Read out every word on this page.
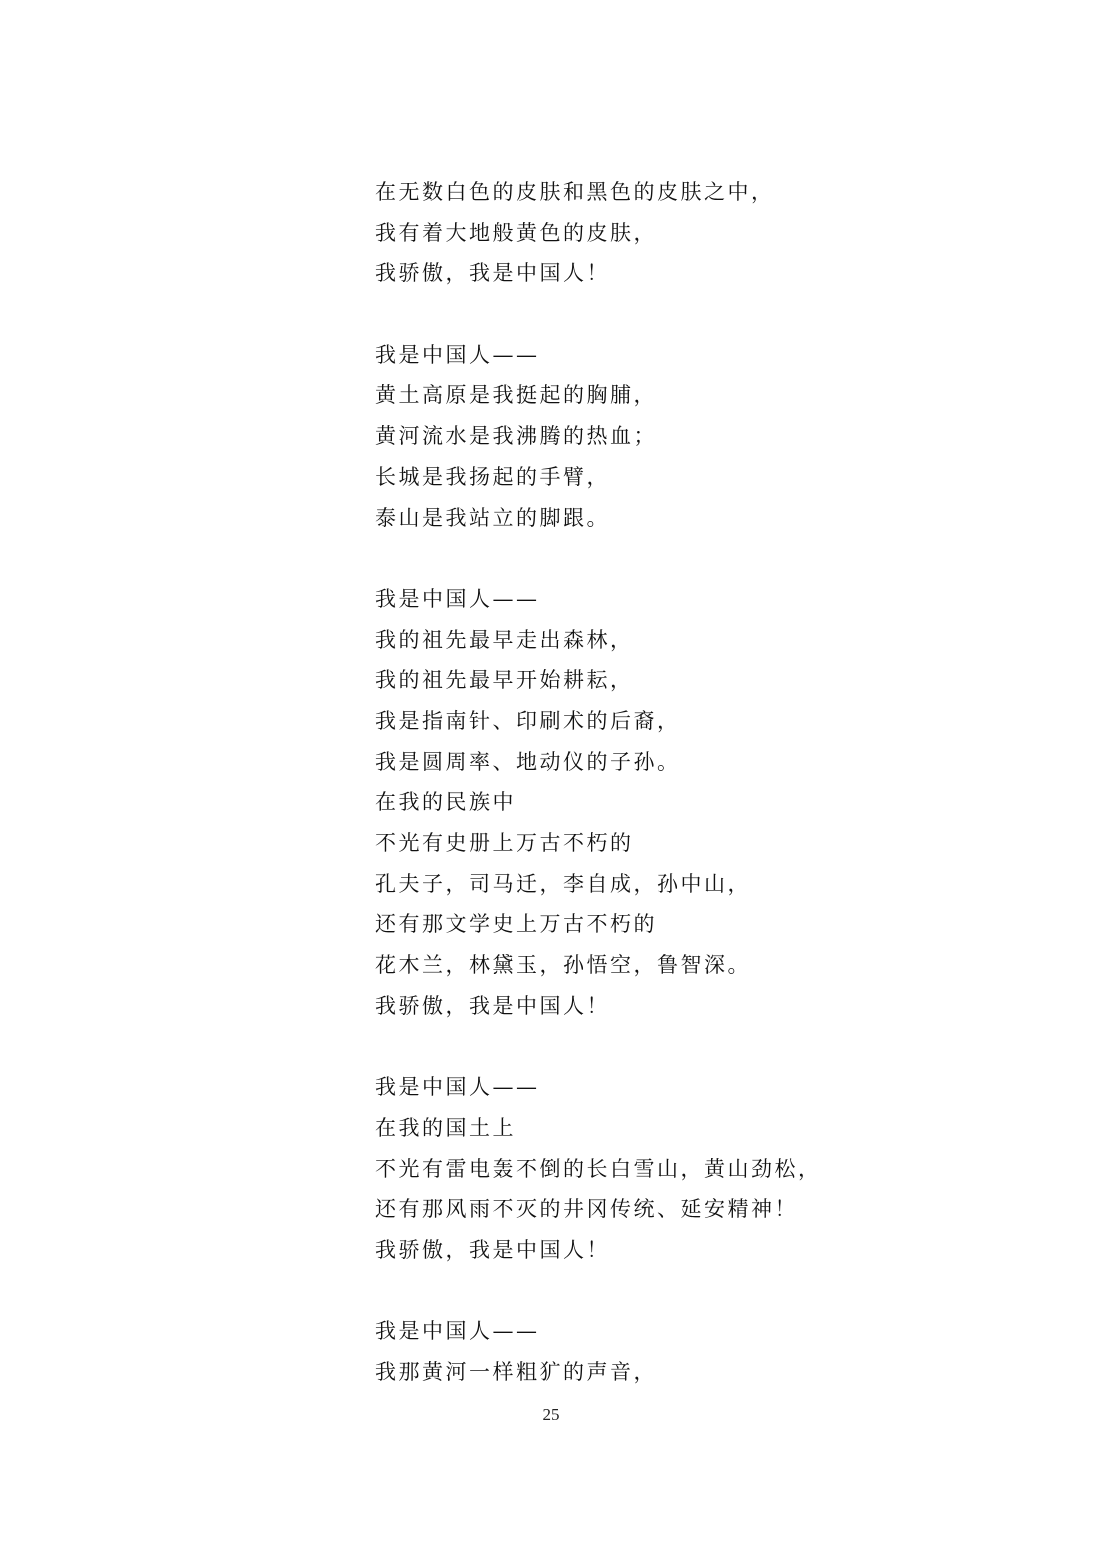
在无数白色的皮肤和黑色的皮肤之中，
我有着大地般黄色的皮肤，
我骄傲，我是中国人！
我是中国人——
黄土高原是我挺起的胸脯，
黄河流水是我沸腾的热血；
长城是我扬起的手臂，
泰山是我站立的脚跟。
我是中国人——
我的祖先最早走出森林，
我的祖先最早开始耕耘，
我是指南针、印刷术的后裔，
我是圆周率、地动仪的子孙。
在我的民族中
不光有史册上万古不朽的
孔夫子，司马迁，李自成，孙中山，
还有那文学史上万古不朽的
花木兰，林黛玉，孙悟空，鲁智深。
我骄傲，我是中国人！
我是中国人——
在我的国土上
不光有雷电轰不倒的长白雪山，黄山劲松，
还有那风雨不灭的井冈传统、延安精神！
我骄傲，我是中国人！
我是中国人——
我那黄河一样粗犷的声音，
25
